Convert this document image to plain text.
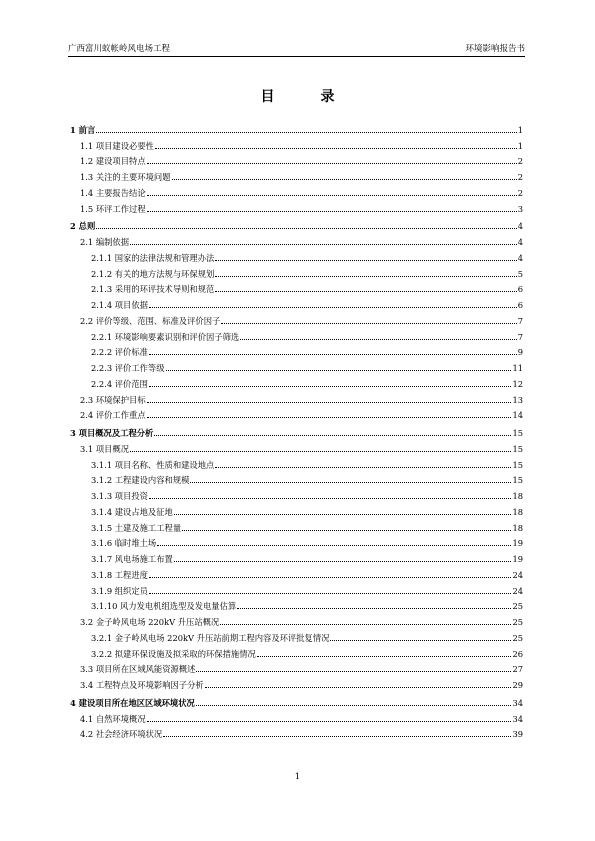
广西富川蚁帐岭风电场工程	环境影响报告书
目　录
1 前言	1
1.1 项目建设必要性	1
1.2 建设项目特点	2
1.3 关注的主要环境问题	2
1.4 主要报告结论	2
1.5 环评工作过程	3
2 总则	4
2.1 编制依据	4
2.1.1 国家的法律法规和管理办法	4
2.1.2 有关的地方法规与环保规划	5
2.1.3 采用的环评技术导则和规范	6
2.1.4 项目依据	6
2.2 评价等级、范围、标准及评价因子	7
2.2.1 环境影响要素识别和评价因子筛选	7
2.2.2 评价标准	9
2.2.3 评价工作等级	11
2.2.4 评价范围	12
2.3 环境保护目标	13
2.4 评价工作重点	14
3 项目概况及工程分析	15
3.1 项目概况	15
3.1.1 项目名称、性质和建设地点	15
3.1.2 工程建设内容和规模	15
3.1.3 项目投资	18
3.1.4 建设占地及征地	18
3.1.5 土建及施工工程量	18
3.1.6 临时堆土场	19
3.1.7 风电场施工布置	19
3.1.8 工程进度	24
3.1.9 组织定员	24
3.1.10 风力发电机组选型及发电量估算	25
3.2 金子岭风电场 220kV 升压站概况	25
3.2.1 金子岭风电场 220kV 升压站前期工程内容及环评批复情况	25
3.2.2 拟建环保设施及拟采取的环保措施情况	26
3.3 项目所在区域风能资源概述	27
3.4 工程特点及环境影响因子分析	29
4 建设项目所在地区区域环境状况	34
4.1 自然环境概况	34
4.2 社会经济环境状况	39
1
